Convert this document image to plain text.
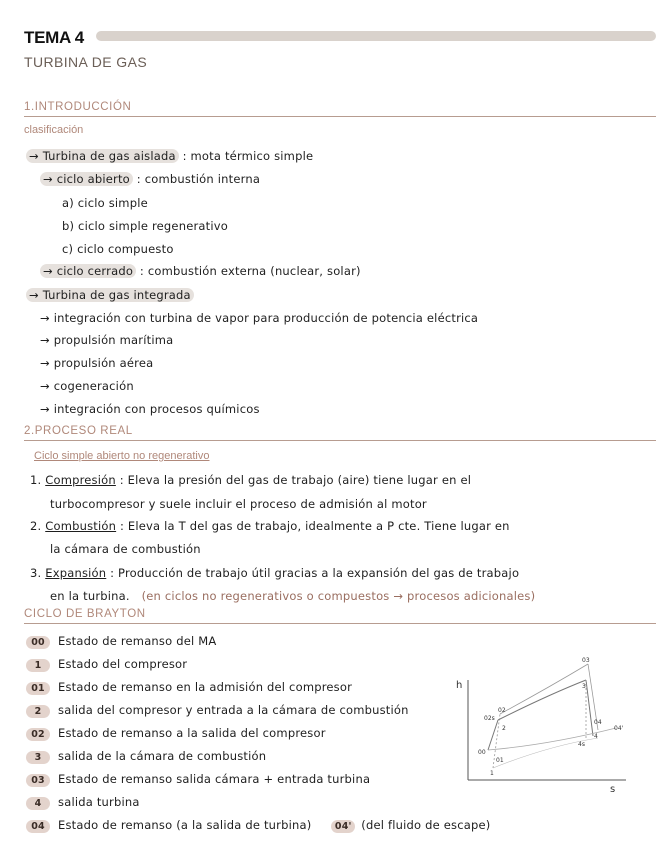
TEMA 4
TURBINA DE GAS
1.INTRODUCCIÓN
clasificación
→ Turbina de gas aislada : mota térmico simple
→ ciclo abierto : combustión interna
a) ciclo simple
b) ciclo simple regenerativo
c) ciclo compuesto
→ ciclo cerrado : combustión externa (nuclear, solar)
→ Turbina de gas integrada
→ integración con turbina de vapor para producción de potencia eléctrica
→ propulsión marítima
→ propulsión aérea
→ cogeneración
→ integración con procesos químicos
2.PROCESO REAL
Ciclo simple abierto no regenerativo
1. Compresión : Eleva la presión del gas de trabajo (aire) tiene lugar en el
turbocompresor y suele incluir el proceso de admisión al motor
2. Combustión : Eleva la T del gas de trabajo, idealmente a P cte. Tiene lugar en
la cámara de combustión
3. Expansión : Producción de trabajo útil gracias a la expansión del gas de trabajo
en la turbina. (en ciclos no regenerativos o compuestos → procesos adicionales)
CICLO DE BRAYTON
00 Estado de remanso del MA
1 Estado del compresor
01 Estado de remanso en la admisión del compresor
2 salida del compresor y entrada a la cámara de combustión
02 Estado de remanso a la salida del compresor
3 salida de la cámara de combustión
03 Estado de remanso salida cámara + entrada turbina
4 salida turbina
04 Estado de remanso (a la salida de turbina) 04' (del fluido de escape)
h
s
03
3
02
02s
2
01
00
1
04
4
4s
04'
